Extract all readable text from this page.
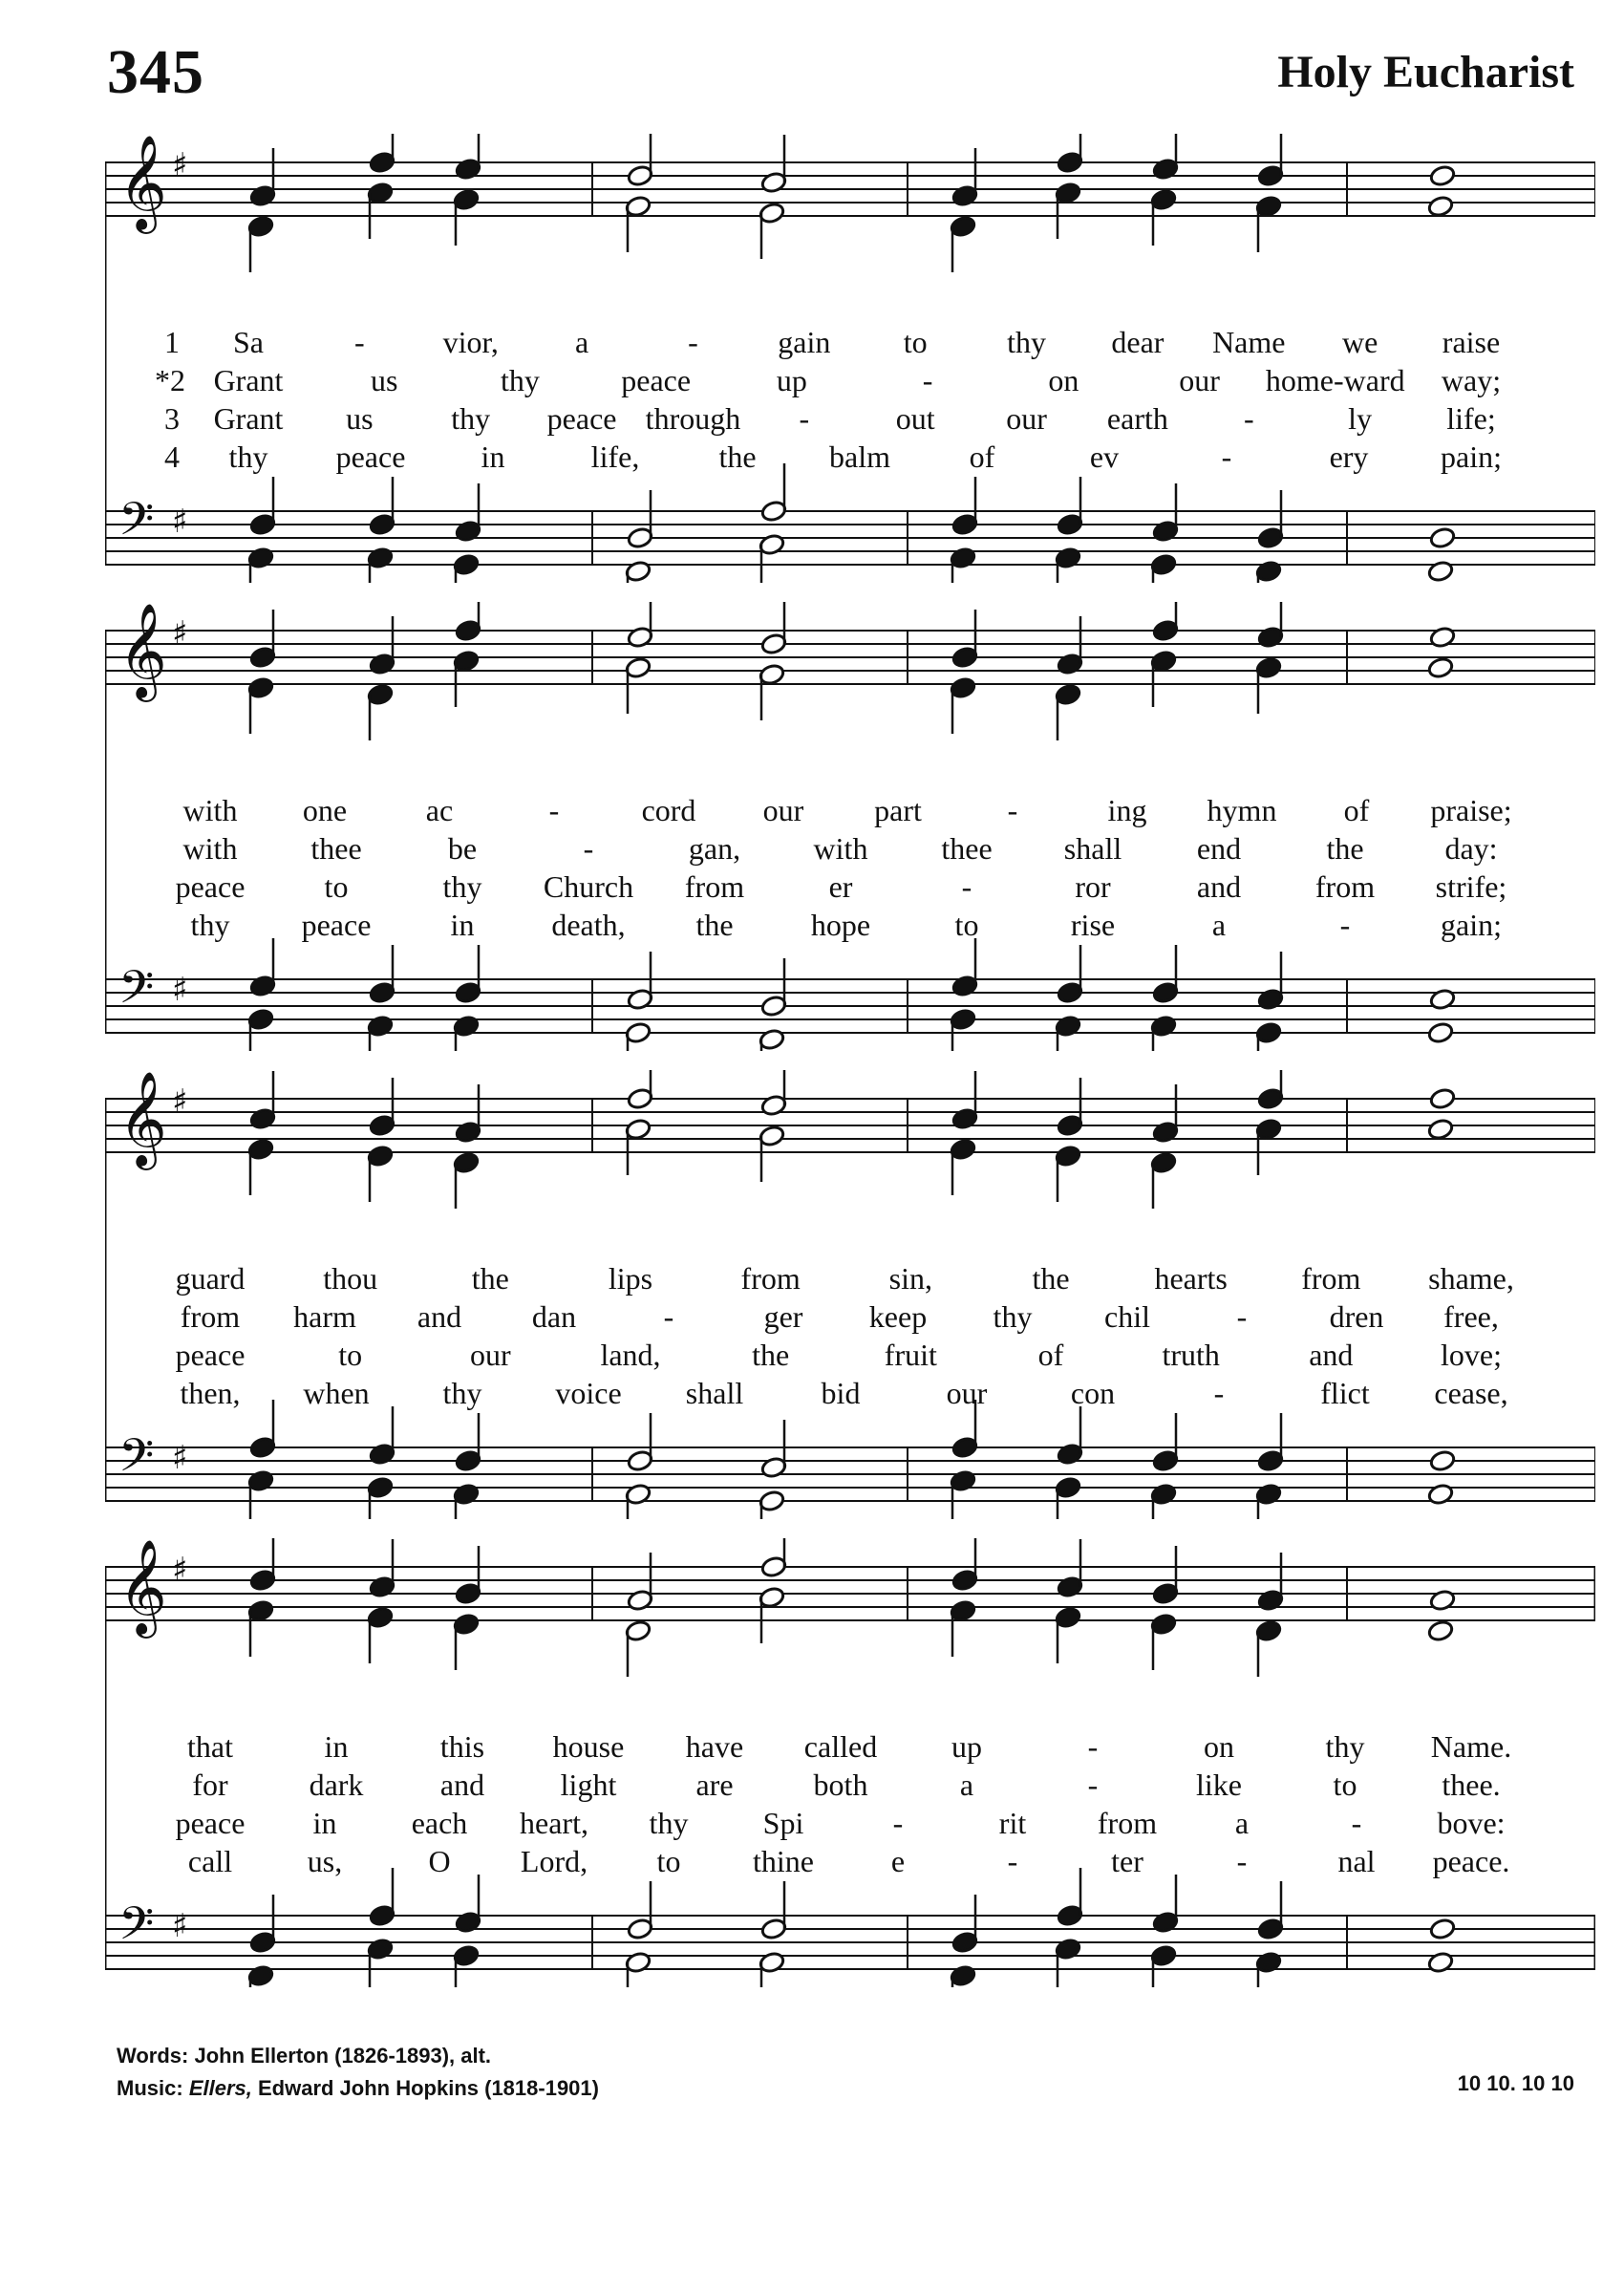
345	Holy Eucharist
𝄞 ♯
𝄢 ♯
1 Sa	-	vior,	a	-	gain to	thy dear Name we raise
*2 Grant	us	thy	peace	up	-	on	our home-ward way;
3 Grant us	thy peace through -	out our earth -	ly life;
4 thy peace in	life,	the balm	of	ev	-	ery pain;
𝄞 ♯
𝄢 ♯
with one	ac	-	cord our part	-	ing hymn of praise;
with thee	be	-	gan, with thee shall end	the	day:
peace	to	thy Church from	er	-	ror	and from strife;
thy peace	in	death, the	hope	to	rise	a	-	gain;
𝄞 ♯
𝄢 ♯
guard	thou	the	lips	from	sin,	the	hearts from shame,
from harm and dan	-	ger keep thy chil	-	dren free,
peace	to	our	land,	the	fruit	of	truth	and	love;
then, when thy voice shall	bid	our	con	-	flict cease,
𝄞 ♯
𝄢 ♯
that	in	this house have called up	-	on	thy Name.
for	dark	and light	are	both	a	-	like	to	thee.
peace in each heart, thy Spi	-	rit from	a	- bove:
call us,	O Lord, to thine	e	-	ter	-	nal peace.
Words: John Ellerton (1826-1893), alt.
Music: Ellers, Edward John Hopkins (1818-1901)	10 10. 10 10
